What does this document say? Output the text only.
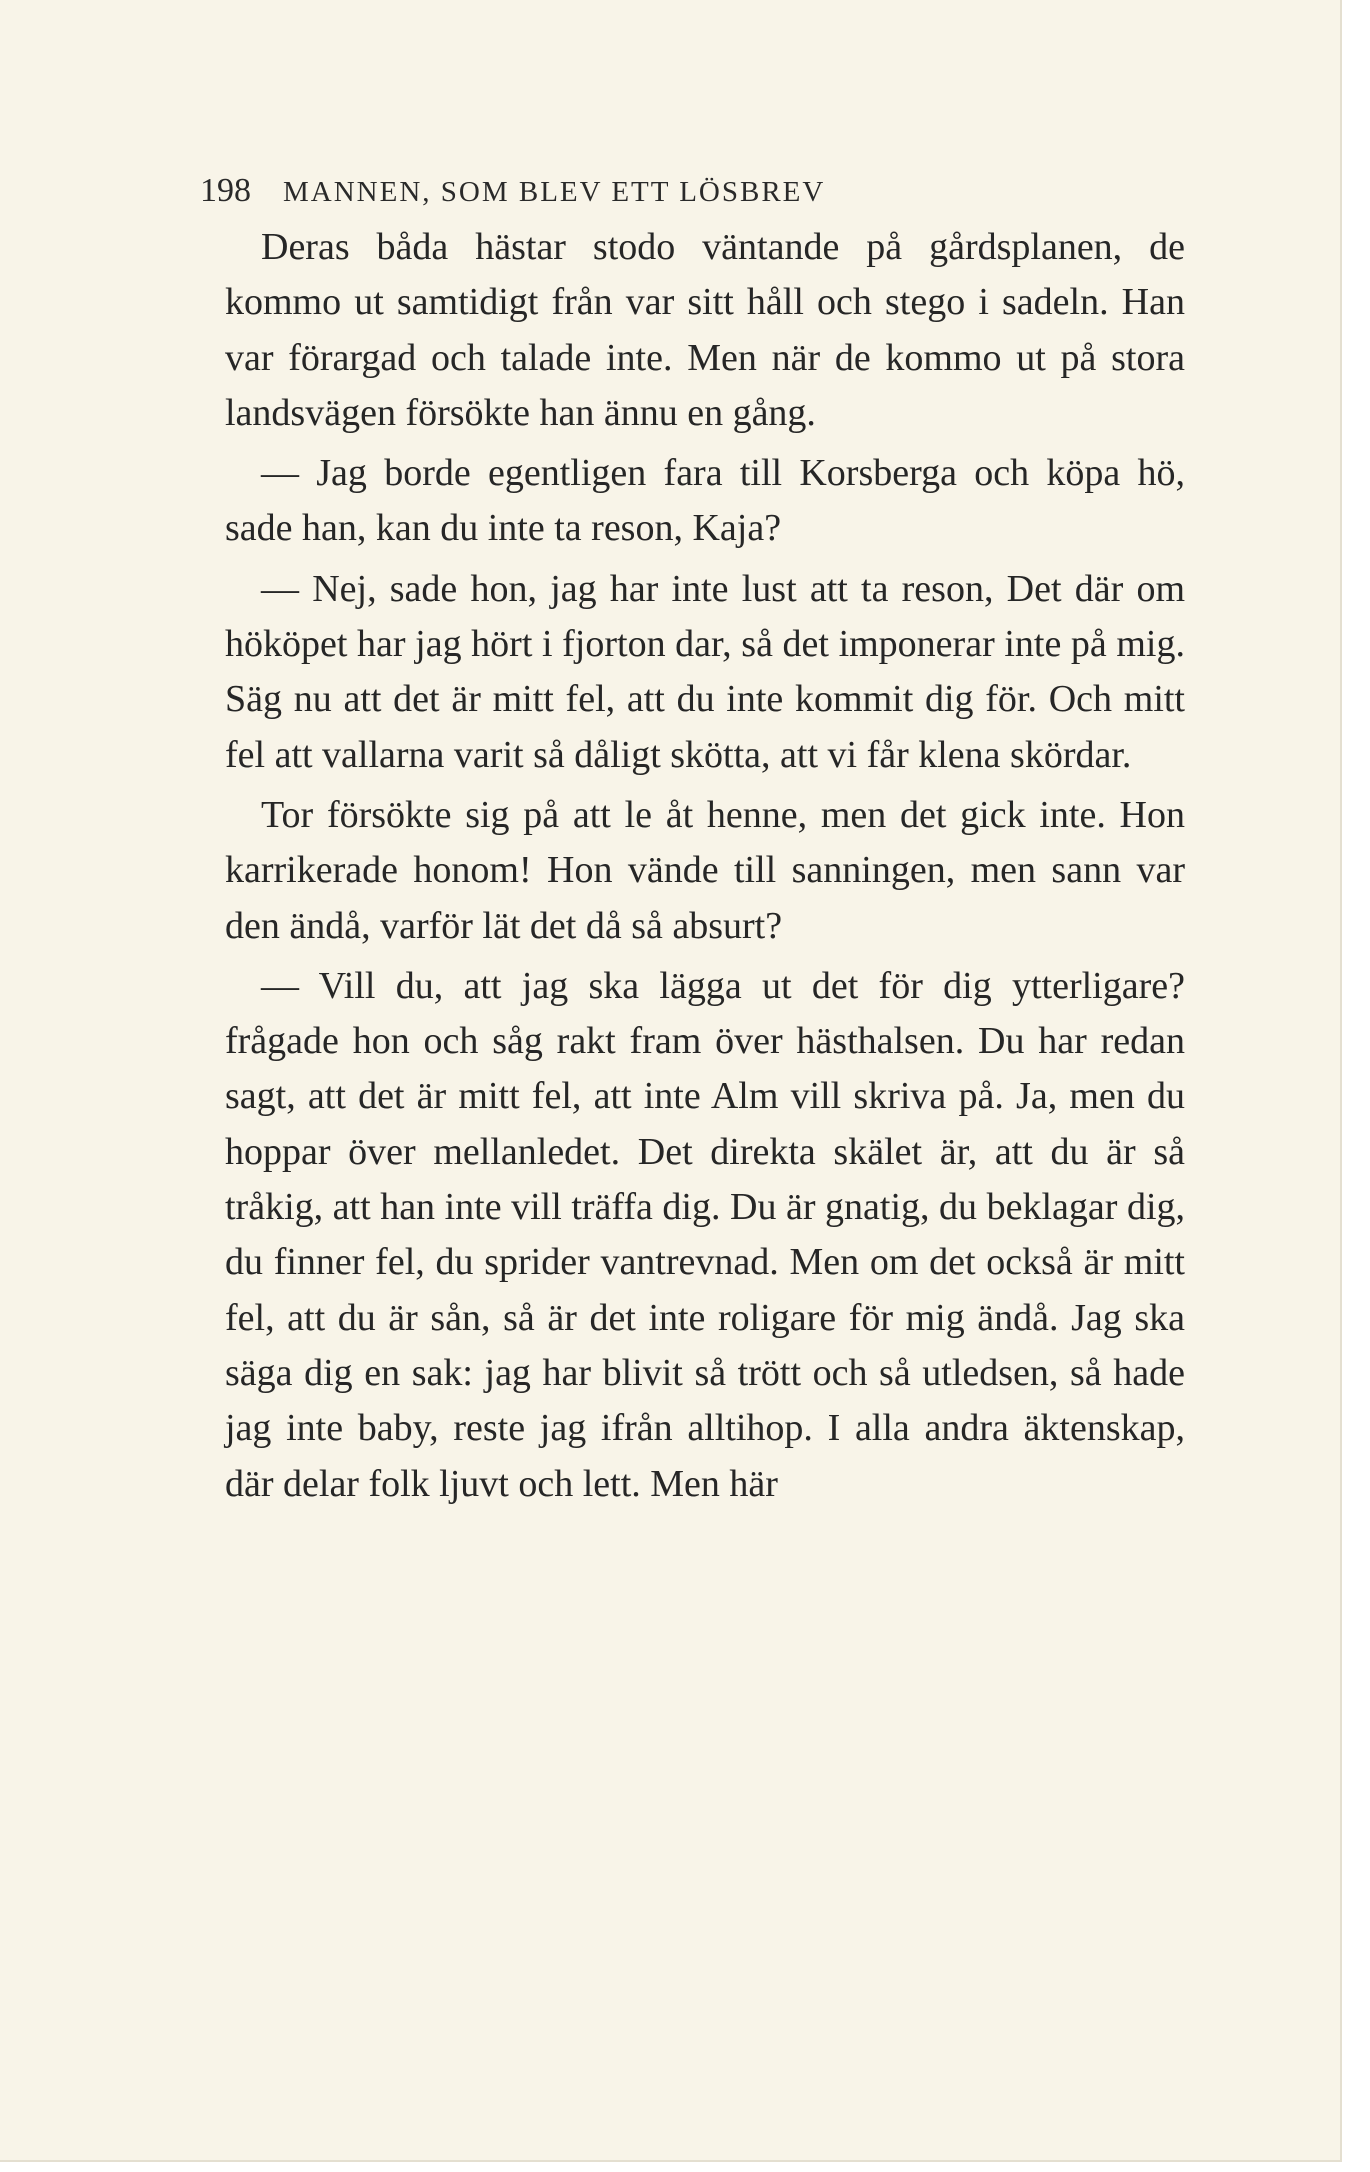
198 MANNEN, SOM BLEV ETT LÖSBREV

Deras båda hästar stodo väntande på gårdsplanen, de kommo ut samtidigt från var sitt håll och stego i sadeln. Han var förargad och talade inte. Men när de kommo ut på stora landsvägen försökte han ännu en gång.

— Jag borde egentligen fara till Korsberga och köpa hö, sade han, kan du inte ta reson, Kaja?

— Nej, sade hon, jag har inte lust att ta reson, Det där om hököpet har jag hört i fjorton dar, så det imponerar inte på mig. Säg nu att det är mitt fel, att du inte kommit dig för. Och mitt fel att vallarna varit så dåligt skötta, att vi får klena skördar.

Tor försökte sig på att le åt henne, men det gick inte. Hon karrikerade honom! Hon vände till sanningen, men sann var den ändå, varför lät det då så absurt?

— Vill du, att jag ska lägga ut det för dig ytterligare? frågade hon och såg rakt fram över hästhalsen. Du har redan sagt, att det är mitt fel, att inte Alm vill skriva på. Ja, men du hoppar över mellanledet. Det direkta skälet är, att du är så tråkig, att han inte vill träffa dig. Du är gnatig, du beklagar dig, du finner fel, du sprider vantrevnad. Men om det också är mitt fel, att du är sån, så är det inte roligare för mig ändå. Jag ska säga dig en sak: jag har blivit så trött och så utledsen, så hade jag inte baby, reste jag ifrån alltihop. I alla andra äktenskap, där delar folk ljuvt och lett. Men här
